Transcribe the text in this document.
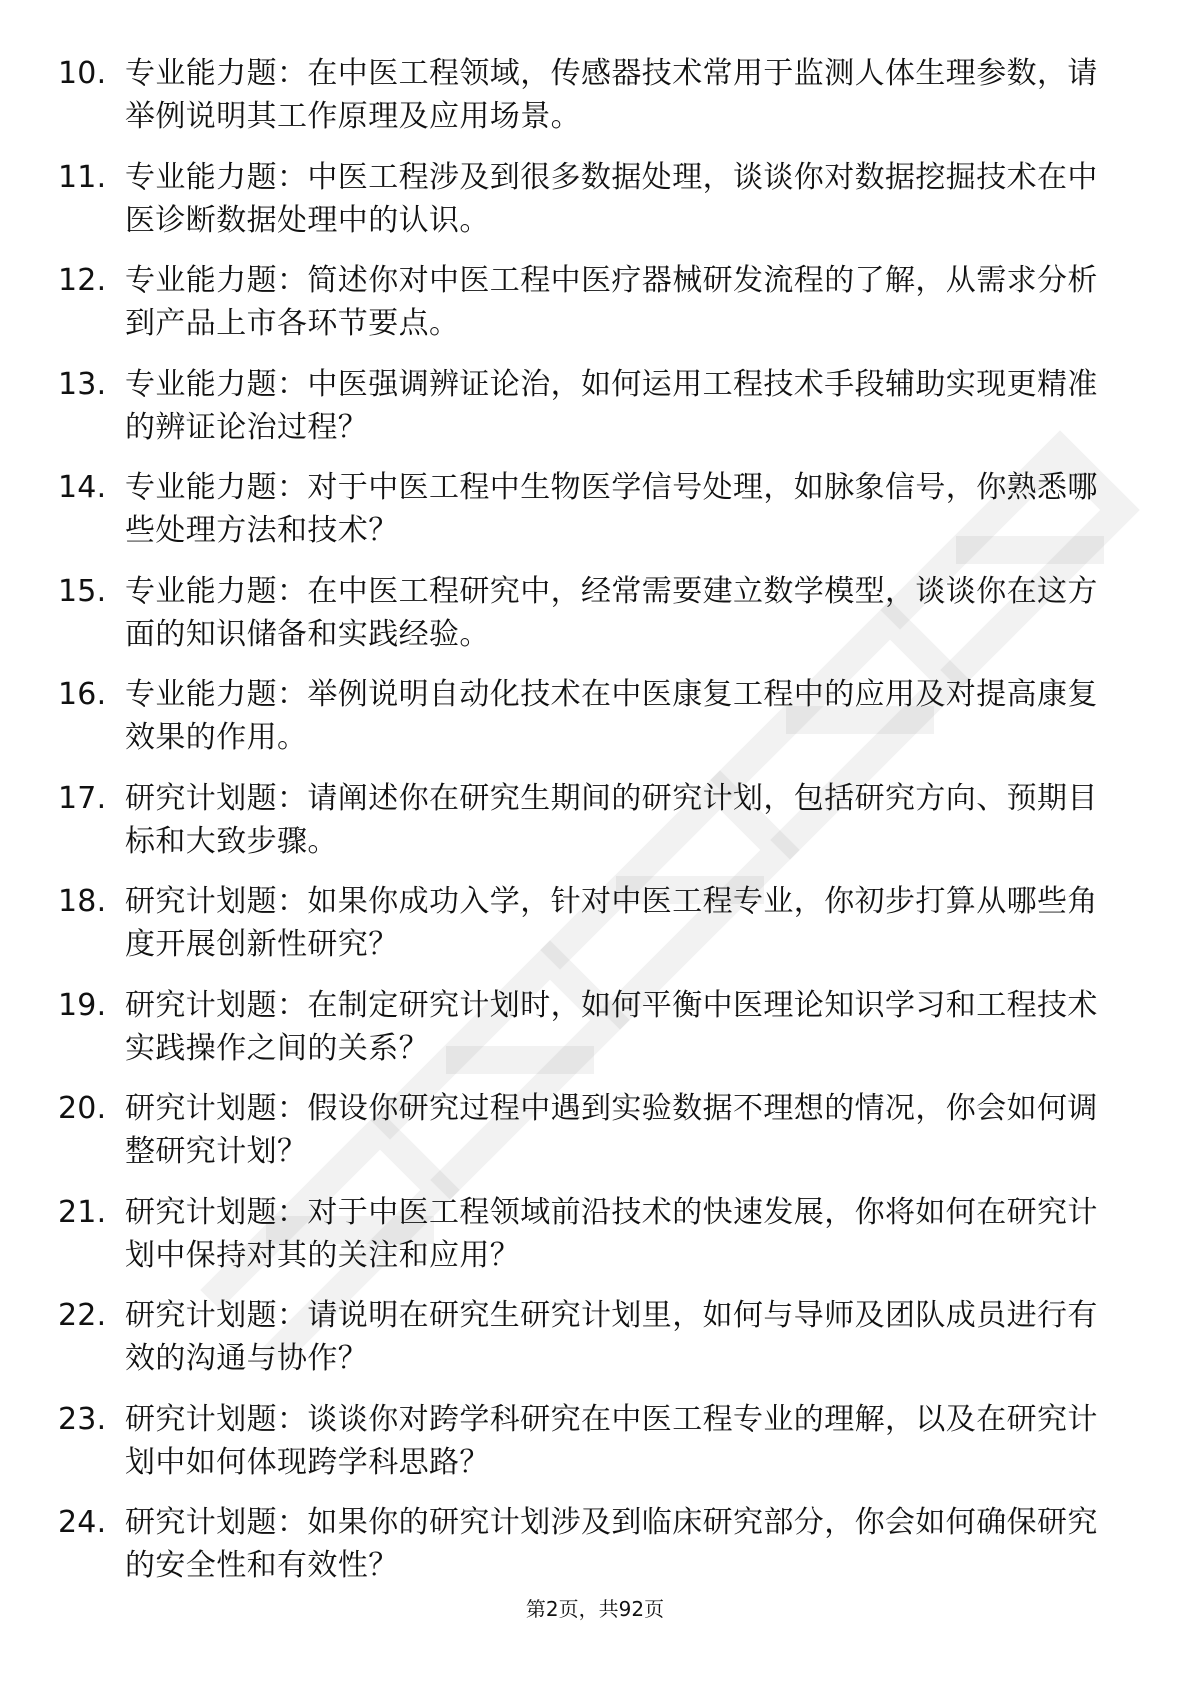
10. 专业能力题：在中医工程领域，传感器技术常用于监测人体生理参数，请举例说明其工作原理及应用场景。
11. 专业能力题：中医工程涉及到很多数据处理，谈谈你对数据挖掘技术在中医诊断数据处理中的认识。
12. 专业能力题：简述你对中医工程中医疗器械研发流程的了解，从需求分析到产品上市各环节要点。
13. 专业能力题：中医强调辨证论治，如何运用工程技术手段辅助实现更精准的辨证论治过程？
14. 专业能力题：对于中医工程中生物医学信号处理，如脉象信号，你熟悉哪些处理方法和技术？
15. 专业能力题：在中医工程研究中，经常需要建立数学模型，谈谈你在这方面的知识储备和实践经验。
16. 专业能力题：举例说明自动化技术在中医康复工程中的应用及对提高康复效果的作用。
17. 研究计划题：请阐述你在研究生期间的研究计划，包括研究方向、预期目标和大致步骤。
18. 研究计划题：如果你成功入学，针对中医工程专业，你初步打算从哪些角度开展创新性研究？
19. 研究计划题：在制定研究计划时，如何平衡中医理论知识学习和工程技术实践操作之间的关系？
20. 研究计划题：假设你研究过程中遇到实验数据不理想的情况，你会如何调整研究计划？
21. 研究计划题：对于中医工程领域前沿技术的快速发展，你将如何在研究计划中保持对其的关注和应用？
22. 研究计划题：请说明在研究生研究计划里，如何与导师及团队成员进行有效的沟通与协作？
23. 研究计划题：谈谈你对跨学科研究在中医工程专业的理解，以及在研究计划中如何体现跨学科思路？
24. 研究计划题：如果你的研究计划涉及到临床研究部分，你会如何确保研究的安全性和有效性？
第2页，共92页
